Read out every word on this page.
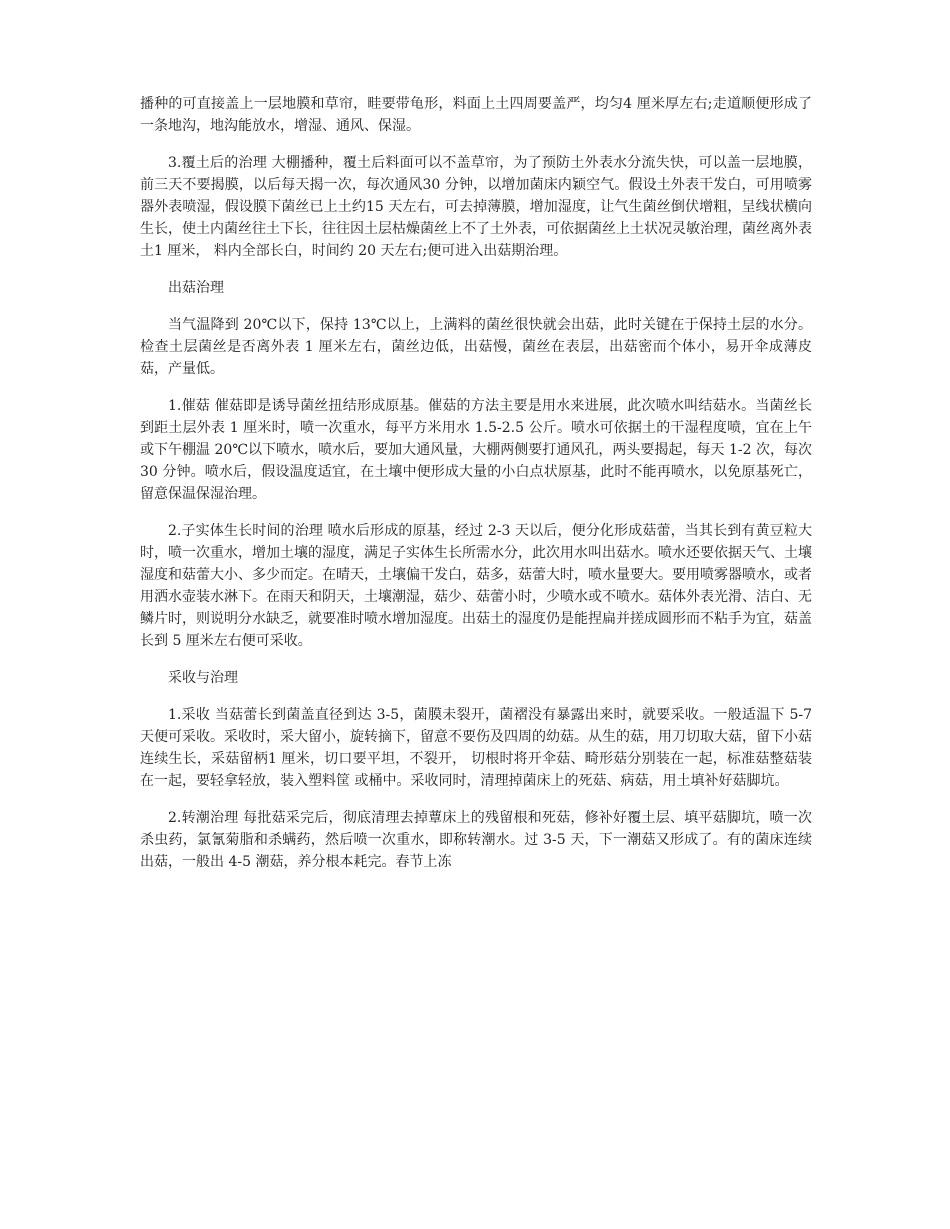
播种的可直接盖上一层地膜和草帘，畦要带龟形，料面上土四周要盖严，均匀4 厘米厚左右;走道顺便形成了一条地沟，地沟能放水，增湿、通风、保湿。

3.覆土后的治理 大棚播种，覆土后料面可以不盖草帘，为了预防土外表水分流失快，可以盖一层地膜，前三天不要揭膜，以后每天揭一次，每次通风30 分钟，以增加菌床内颖空气。假设土外表干发白，可用喷雾器外表喷湿，假设膜下菌丝已上土约15 天左右，可去掉薄膜，增加湿度，让气生菌丝倒伏增粗，呈线状横向生长，使土内菌丝往土下长，往往因土层枯燥菌丝上不了土外表，可依据菌丝上土状况灵敏治理，菌丝离外表土1 厘米， 料内全部长白，时间约 20 天左右;便可进入出菇期治理。

出菇治理

当气温降到 20℃以下，保持 13℃以上，上满料的菌丝很快就会出菇，此时关键在于保持土层的水分。检查土层菌丝是否离外表 1 厘米左右，菌丝边低，出菇慢，菌丝在表层，出菇密而个体小，易开伞成薄皮菇，产量低。

1.催菇 催菇即是诱导菌丝扭结形成原基。催菇的方法主要是用水来进展，此次喷水叫结菇水。当菌丝长到距土层外表 1 厘米时，喷一次重水，每平方米用水 1.5-2.5 公斤。喷水可依据土的干湿程度喷，宜在上午或下午棚温 20℃以下喷水，喷水后，要加大通风量，大棚两侧要打通风孔，两头要揭起，每天 1-2 次，每次 30 分钟。喷水后，假设温度适宜，在土壤中便形成大量的小白点状原基，此时不能再喷水，以免原基死亡，留意保温保湿治理。

2.子实体生长时间的治理 喷水后形成的原基，经过 2-3 天以后，便分化形成菇蕾，当其长到有黄豆粒大时，喷一次重水，增加土壤的湿度，满足子实体生长所需水分，此次用水叫出菇水。喷水还要依据天气、土壤湿度和菇蕾大小、多少而定。在晴天，土壤偏干发白，菇多，菇蕾大时，喷水量要大。要用喷雾器喷水，或者用洒水壶装水淋下。在雨天和阴天，土壤潮湿，菇少、菇蕾小时，少喷水或不喷水。菇体外表光滑、洁白、无鳞片时，则说明分水缺乏，就要准时喷水增加湿度。出菇土的湿度仍是能捏扁并搓成圆形而不粘手为宜，菇盖长到 5 厘米左右便可采收。

采收与治理

1.采收 当菇蕾长到菌盖直径到达 3-5，菌膜未裂开，菌褶没有暴露出来时，就要采收。一般适温下 5-7 天便可采收。采收时，采大留小，旋转摘下，留意不要伤及四周的幼菇。从生的菇，用刀切取大菇，留下小菇连续生长，采菇留柄1 厘米，切口要平坦，不裂开， 切根时将开伞菇、畸形菇分别装在一起，标准菇整菇装在一起，要轻拿轻放，装入塑料筐 或桶中。采收同时，清理掉菌床上的死菇、病菇，用土填补好菇脚坑。

2.转潮治理 每批菇采完后，彻底清理去掉蕈床上的残留根和死菇，修补好覆土层、填平菇脚坑，喷一次杀虫药，氯氰菊脂和杀螨药，然后喷一次重水，即称转潮水。过 3-5 天，下一潮菇又形成了。有的菌床连续出菇，一般出 4-5 潮菇，养分根本耗完。春节上冻
